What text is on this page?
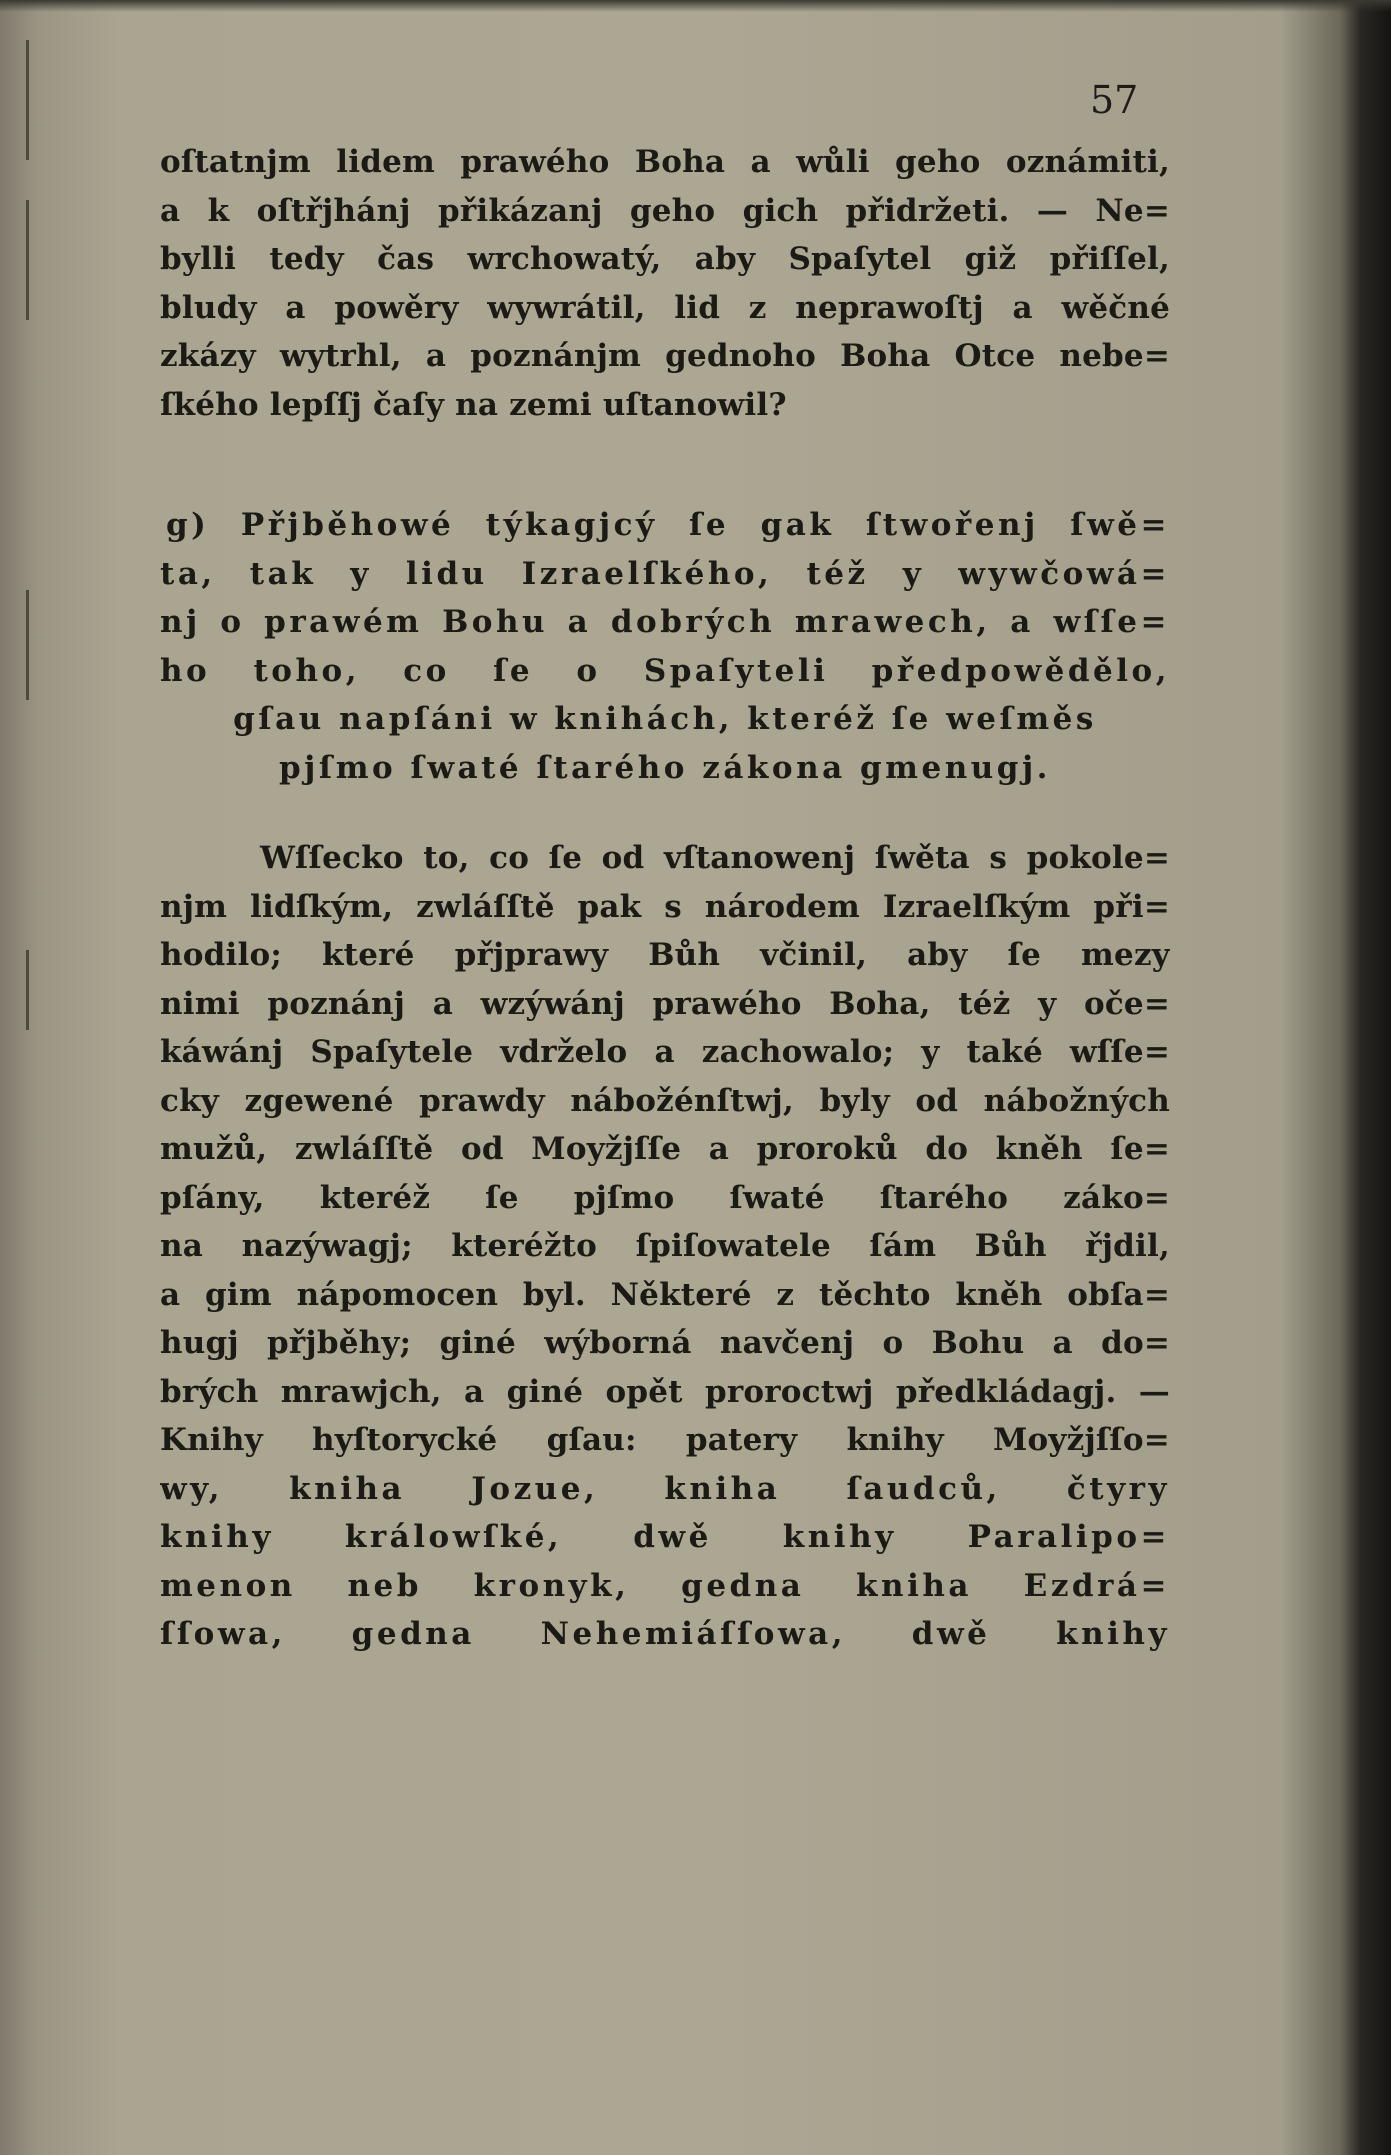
57
oſtatnjm lidem prawého Boha a wůli geho oznámiti,
a k oſtřjhánj přikázanj geho gich přidržeti. — Ne=
bylli tedy čas wrchowatý, aby Spaſytel giž přiſſel,
bludy a powěry wywrátil, lid z neprawoſtj a wěčné
zkázy wytrhl, a poznánjm gednoho Boha Otce nebe=
ſkého lepſſj čaſy na zemi uſtanowil?
g) Přjběhowé týkagjcý ſe gak ſtwořenj ſwě=
ta, tak y lidu Izraelſkého, též y wywčowá=
nj o prawém Bohu a dobrých mrawech, a wſſe=
ho toho, co ſe o Spaſyteli předpowědělo,
gſau napſáni w knihách, kteréž ſe weſměs
pjſmo ſwaté ſtarého zákona gmenugj.
Wſſecko to, co ſe od vſtanowenj ſwěta s pokole=
njm lidſkým, zwláſſtě pak s národem Izraelſkým při=
hodilo; které přjprawy Bůh včinil, aby ſe mezy
nimi poznánj a wzýwánj prawého Boha, téż y oče=
káwánj Spaſytele vdrželo a zachowalo; y také wſſe=
cky zgewené prawdy nábožénſtwj, byly od nábožných
mužů, zwláſſtě od Moyžjſſe a proroků do kněh ſe=
pſány, kteréž ſe pjſmo ſwaté ſtarého záko=
na nazýwagj; kteréžto ſpiſowatele ſám Bůh řjdil,
a gim nápomocen byl. Některé z těchto kněh obſa=
hugj přjběhy; giné wýborná navčenj o Bohu a do=
brých mrawjch, a giné opět proroctwj předkládagj. —
Knihy hyſtorycké gſau: patery knihy Moyžjſſo=
wy, kniha Jozue, kniha ſaudců, čtyry
knihy králowſké, dwě knihy Paralipo=
menon neb kronyk, gedna kniha Ezdrá=
ſſowa, gedna Nehemiáſſowa, dwě knihy
